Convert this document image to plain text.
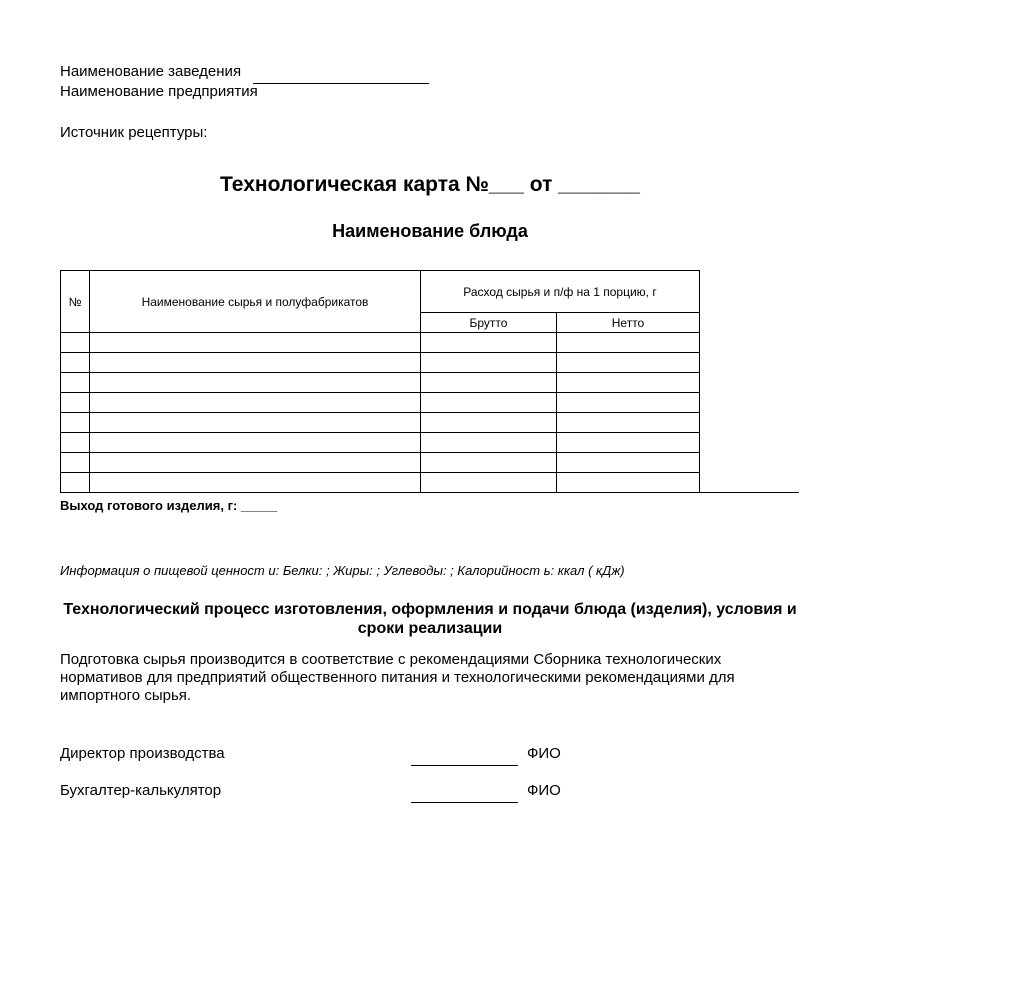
Наименование заведения
Наименование предприятия
Источник рецептуры:
Технологическая карта №___ от _______
Наименование блюда
№	Наименование сырья и полуфабрикатов	Расход сырья и п/ф на 1 порцию, г	
		Брутто	Нетто

Выход готового изделия, г: _____
Информация о пищевой ценност и: Белки: ; Жиры: ; Углеводы: ; Калорийност ь: ккал ( кДж)
Технологический процесс изготовления, оформления и подачи блюда (изделия), условия и сроки реализации
Подготовка сырья производится в соответствие с рекомендациями Сборника технологических нормативов для предприятий общественного питания и технологическими рекомендациями для импортного сырья.
Директор производства	ФИО
Бухгалтер-калькулятор	ФИО
